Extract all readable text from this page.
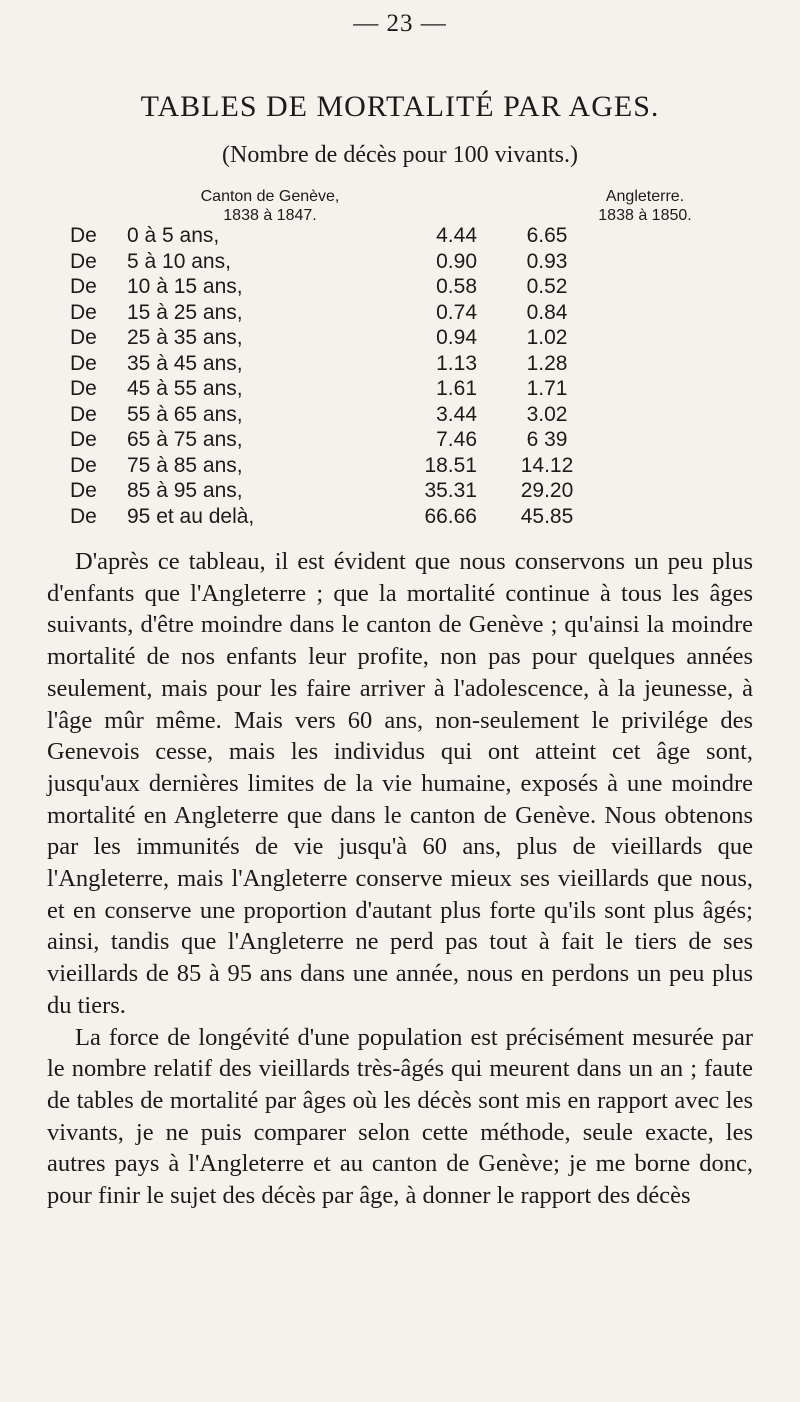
— 23 —
TABLES DE MORTALITÉ PAR AGES.
(Nombre de décès pour 100 vivants.)
Canton de Genève,
1838 à 1847.
Angleterre.
1838 à 1850.
De	0 à 5 ans,	4.44	6.65
De	5 à 10 ans,	0.90	0.93
De	10 à 15 ans,	0.58	0.52
De	15 à 25 ans,	0.74	0.84
De	25 à 35 ans,	0.94	1.02
De	35 à 45 ans,	1.13	1.28
De	45 à 55 ans,	1.61	1.71
De	55 à 65 ans,	3.44	3.02
De	65 à 75 ans,	7.46	6 39
De	75 à 85 ans,	18.51	14.12
De	85 à 95 ans,	35.31	29.20
De	95 et au delà,	66.66	45.85

D'après ce tableau, il est évident que nous conservons un peu plus d'enfants que l'Angleterre ; que la mortalité continue à tous les âges suivants, d'être moindre dans le canton de Genève ; qu'ainsi la moindre mortalité de nos enfants leur profite, non pas pour quelques années seulement, mais pour les faire arriver à l'adolescence, à la jeunesse, à l'âge mûr même. Mais vers 60 ans, non-seulement le privilége des Genevois cesse, mais les individus qui ont atteint cet âge sont, jusqu'aux dernières limites de la vie humaine, exposés à une moindre mortalité en Angleterre que dans le canton de Genève. Nous obtenons par les immunités de vie jusqu'à 60 ans, plus de vieillards que l'Angleterre, mais l'Angleterre conserve mieux ses vieillards que nous, et en conserve une proportion d'autant plus forte qu'ils sont plus âgés; ainsi, tandis que l'Angleterre ne perd pas tout à fait le tiers de ses vieillards de 85 à 95 ans dans une année, nous en perdons un peu plus du tiers.

La force de longévité d'une population est précisément mesurée par le nombre relatif des vieillards très-âgés qui meurent dans un an ; faute de tables de mortalité par âges où les décès sont mis en rapport avec les vivants, je ne puis comparer selon cette méthode, seule exacte, les autres pays à l'Angleterre et au canton de Genève; je me borne donc, pour finir le sujet des décès par âge, à donner le rapport des décès
